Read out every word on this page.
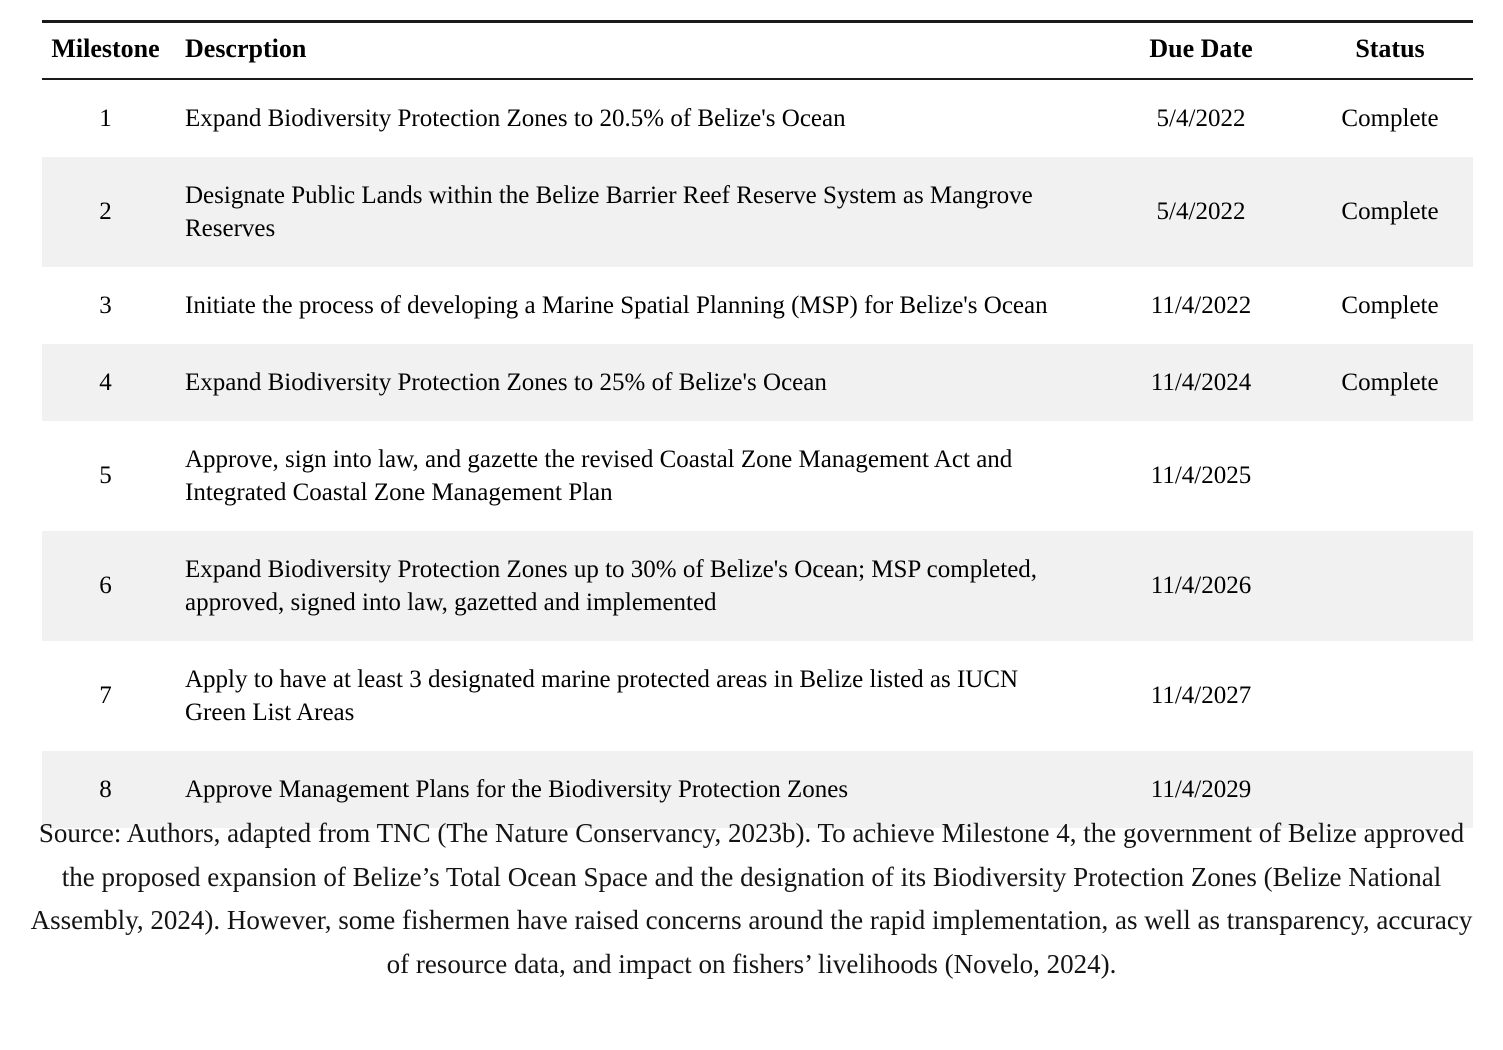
Milestone	Descrption	Due Date	Status
1	Expand Biodiversity Protection Zones to 20.5% of Belize's Ocean	5/4/2022	Complete
2	Designate Public Lands within the Belize Barrier Reef Reserve System as Mangrove Reserves	5/4/2022	Complete
3	Initiate the process of developing a Marine Spatial Planning (MSP) for Belize's Ocean	11/4/2022	Complete
4	Expand Biodiversity Protection Zones to 25% of Belize's Ocean	11/4/2024	Complete
5	Approve, sign into law, and gazette the revised Coastal Zone Management Act and Integrated Coastal Zone Management Plan	11/4/2025	
6	Expand Biodiversity Protection Zones up to 30% of Belize's Ocean; MSP completed, approved, signed into law, gazetted and implemented	11/4/2026	
7	Apply to have at least 3 designated marine protected areas in Belize listed as IUCN Green List Areas	11/4/2027	
8	Approve Management Plans for the Biodiversity Protection Zones	11/4/2029	
Source: Authors, adapted from TNC (The Nature Conservancy, 2023b). To achieve Milestone 4, the government of Belize approved the proposed expansion of Belize’s Total Ocean Space and the designation of its Biodiversity Protection Zones (Belize National Assembly, 2024). However, some fishermen have raised concerns around the rapid implementation, as well as transparency, accuracy of resource data, and impact on fishers’ livelihoods (Novelo, 2024).
